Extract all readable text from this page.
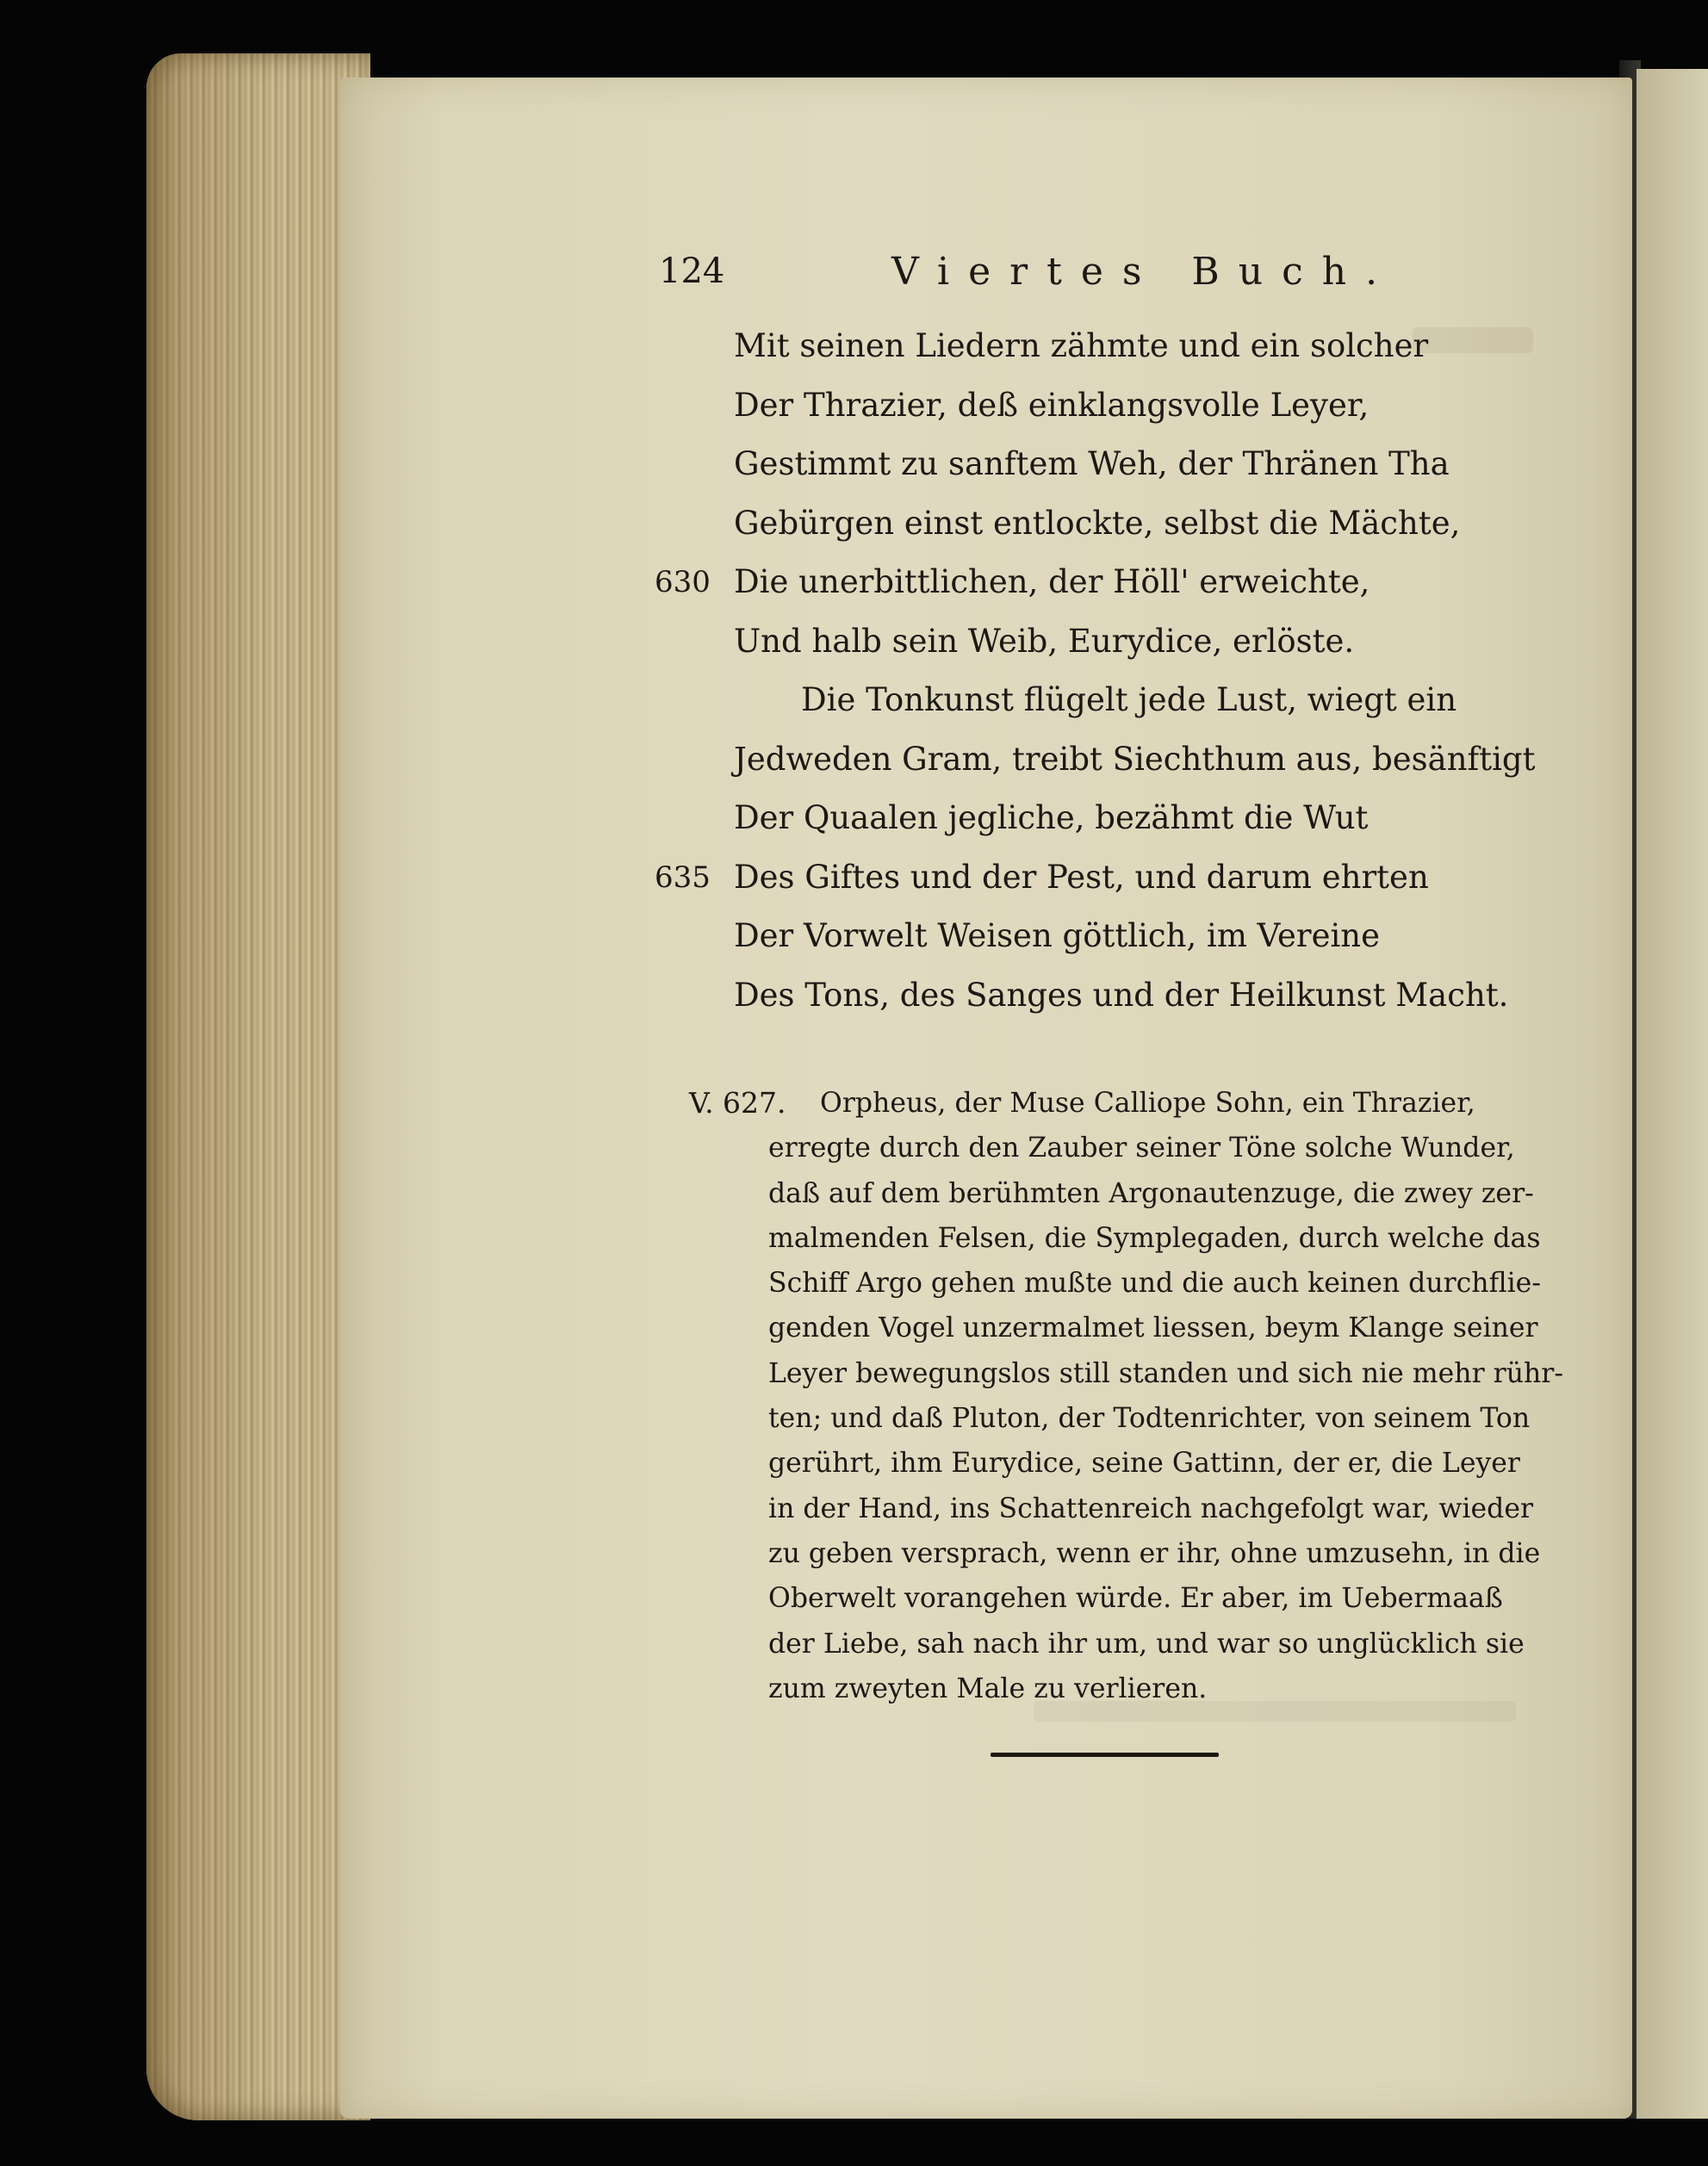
124	Viertes Buch.
Mit seinen Liedern zähmte und ein solcher
Der Thrazier, deß einklangsvolle Leyer,
Gestimmt zu sanftem Weh, der Thränen Tha
Gebürgen einst entlockte, selbst die Mächte,
630 Die unerbittlichen, der Höll' erweichte,
Und halb sein Weib, Eurydice, erlöste.
Die Tonkunst flügelt jede Lust, wiegt ein
Jedweden Gram, treibt Siechthum aus, besänftigt
Der Quaalen jegliche, bezähmt die Wut
635 Des Giftes und der Pest, und darum ehrten
Der Vorwelt Weisen göttlich, im Vereine
Des Tons, des Sanges und der Heilkunst Macht.
V. 627.	Orpheus, der Muse Calliope Sohn, ein Thrazier,
erregte durch den Zauber seiner Töne solche Wunder,
daß auf dem berühmten Argonautenzuge, die zwey zer-
malmenden Felsen, die Symplegaden, durch welche das
Schiff Argo gehen mußte und die auch keinen durchflie-
genden Vogel unzermalmet liessen, beym Klange seiner
Leyer bewegungslos still standen und sich nie mehr rühr-
ten; und daß Pluton, der Todtenrichter, von seinem Ton
gerührt, ihm Eurydice, seine Gattinn, der er, die Leyer
in der Hand, ins Schattenreich nachgefolgt war, wieder
zu geben versprach, wenn er ihr, ohne umzusehn, in die
Oberwelt vorangehen würde. Er aber, im Uebermaaß
der Liebe, sah nach ihr um, und war so unglücklich sie
zum zweyten Male zu verlieren.
